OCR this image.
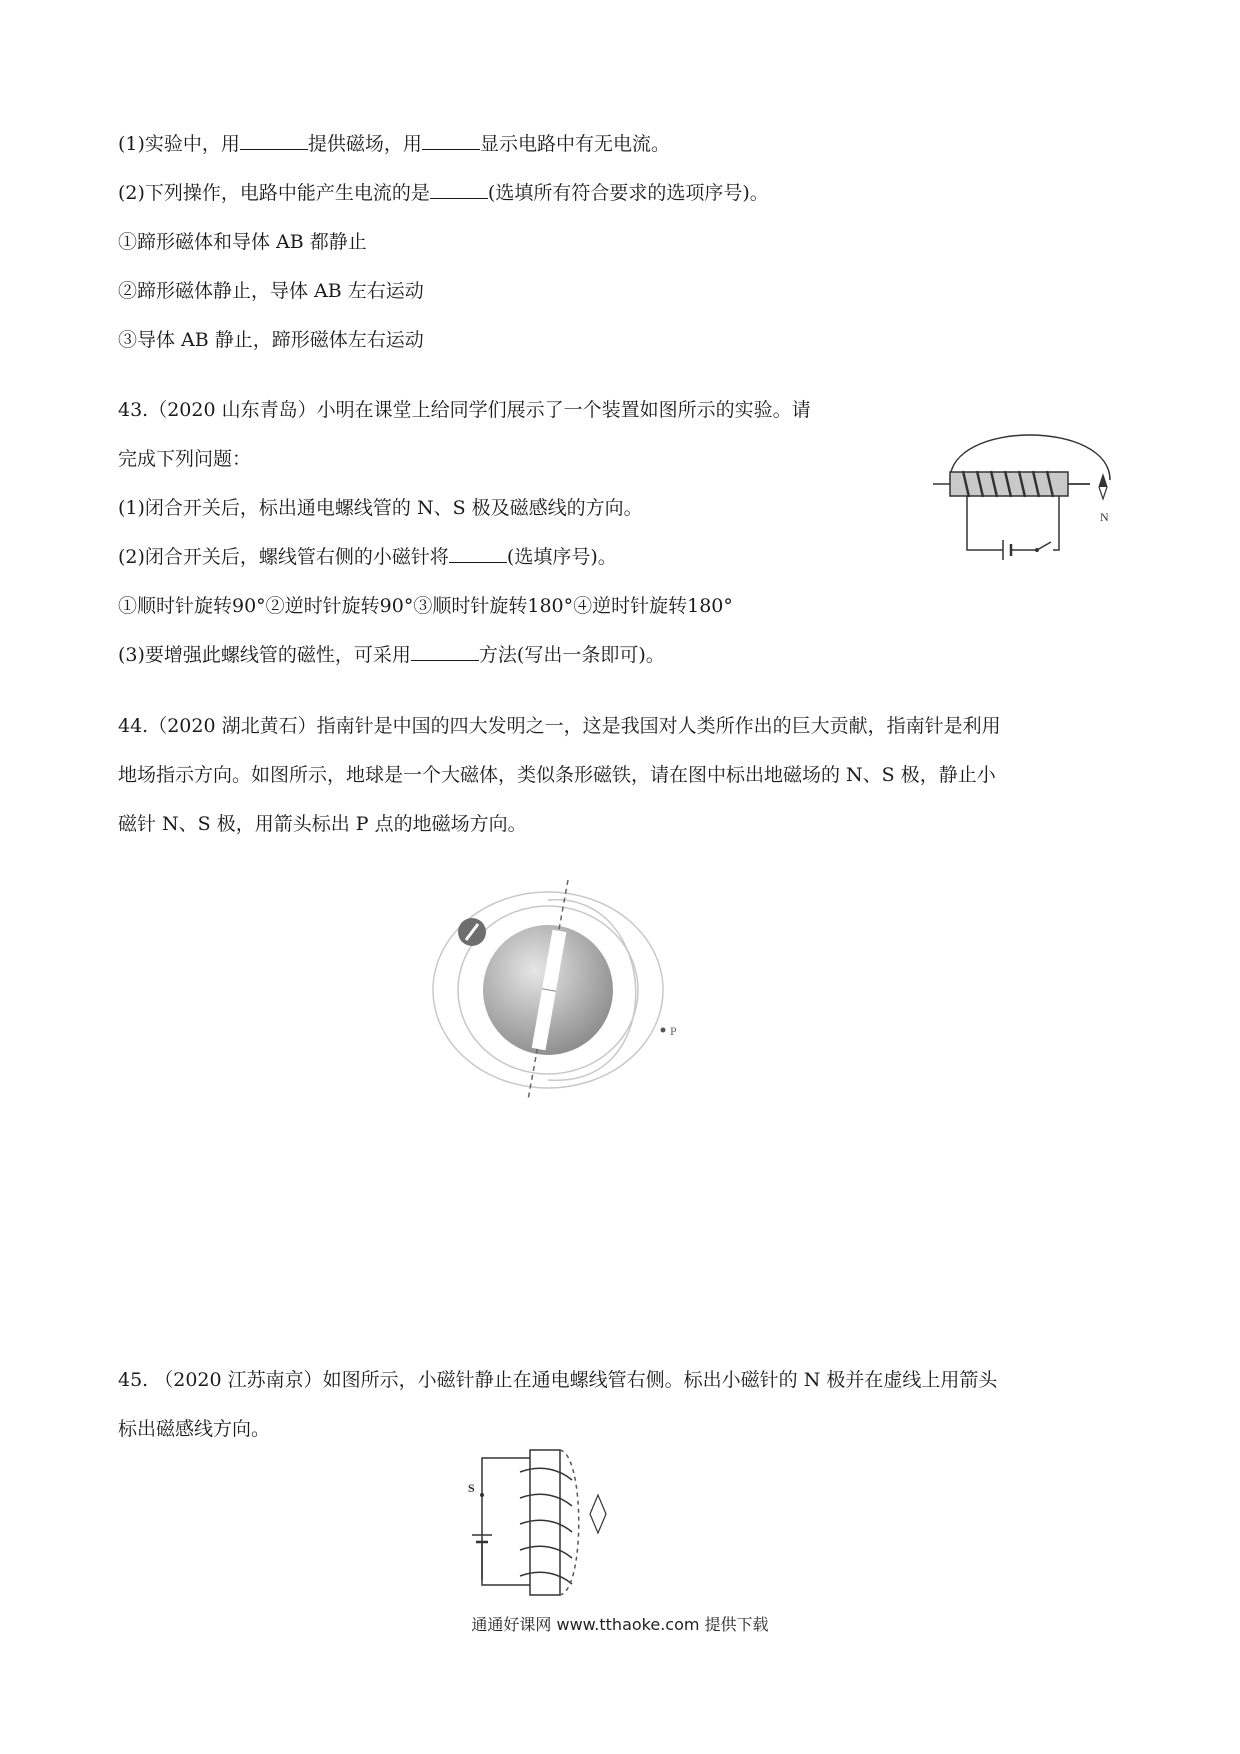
(1)实验中，用	提供磁场，用	显示电路中有无电流。
(2)下列操作，电路中能产生电流的是	(选填所有符合要求的选项序号)。
①蹄形磁体和导体 AB 都静止
②蹄形磁体静止，导体 AB 左右运动
③导体 AB 静止，蹄形磁体左右运动
43.（2020 山东青岛）小明在课堂上给同学们展示了一个装置如图所示的实验。请
完成下列问题：
(1)闭合开关后，标出通电螺线管的 N、S 极及磁感线的方向。
(2)闭合开关后，螺线管右侧的小磁针将	(选填序号)。
①顺时针旋转90°②逆时针旋转90°③顺时针旋转180°④逆时针旋转180°
(3)要增强此螺线管的磁性，可采用	方法(写出一条即可)。
N
44.（2020 湖北黄石）指南针是中国的四大发明之一，这是我国对人类所作出的巨大贡献，指南针是利用
地场指示方向。如图所示，地球是一个大磁体，类似条形磁铁，请在图中标出地磁场的 N、S 极，静止小
磁针 N、S 极，用箭头标出 P 点的地磁场方向。
P
45. （2020 江苏南京）如图所示，小磁针静止在通电螺线管右侧。标出小磁针的 N 极并在虚线上用箭头
标出磁感线方向。
S
通通好课网 www.tthaoke.com 提供下载
